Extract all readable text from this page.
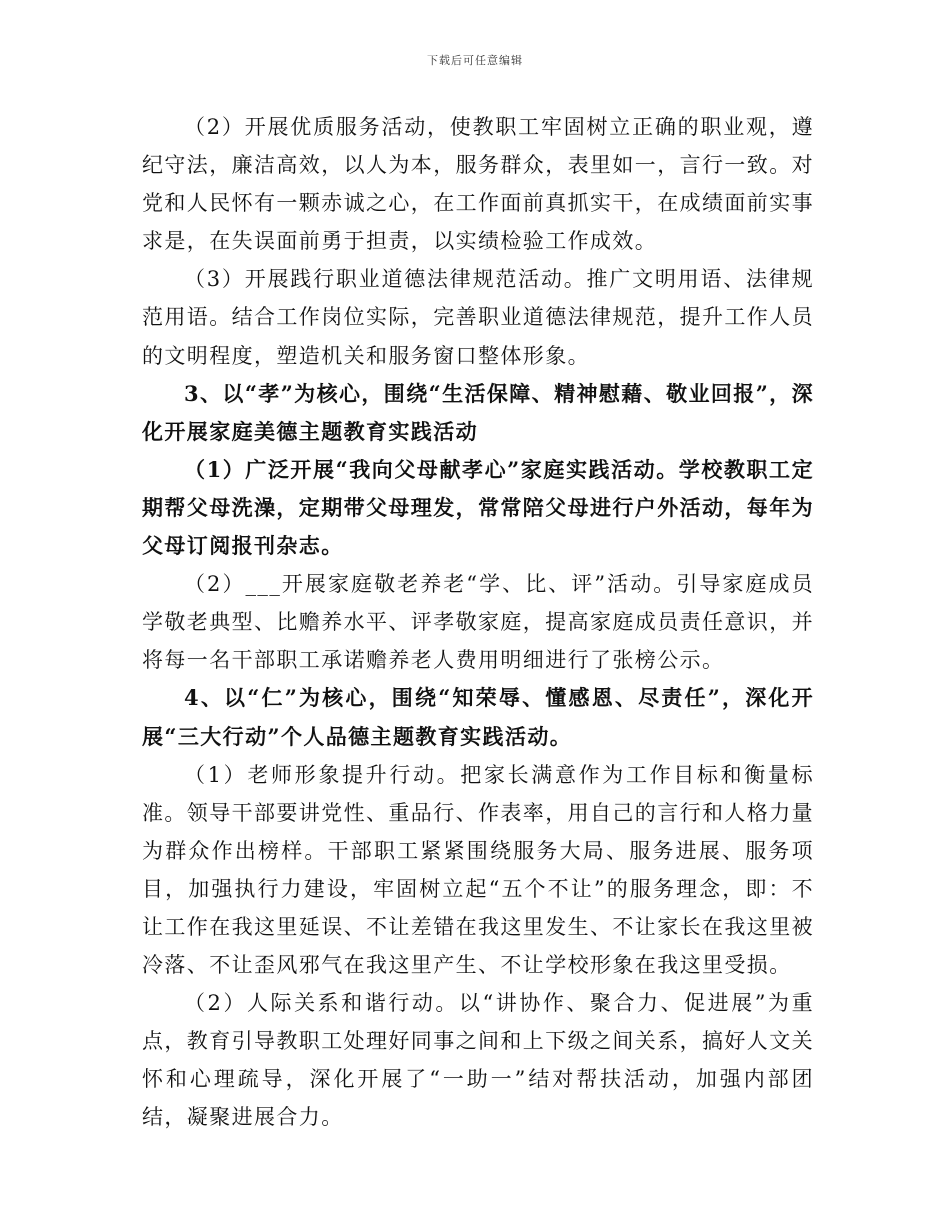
下载后可任意编辑

（2）开展优质服务活动，使教职工牢固树立正确的职业观，遵纪守法，廉洁高效，以人为本，服务群众，表里如一，言行一致。对党和人民怀有一颗赤诚之心，在工作面前真抓实干，在成绩面前实事求是，在失误面前勇于担责，以实绩检验工作成效。

（3）开展践行职业道德法律规范活动。推广文明用语、法律规范用语。结合工作岗位实际，完善职业道德法律规范，提升工作人员的文明程度，塑造机关和服务窗口整体形象。

3、以“孝”为核心，围绕“生活保障、精神慰藉、敬业回报”，深化开展家庭美德主题教育实践活动

（1）广泛开展“我向父母献孝心”家庭实践活动。学校教职工定期帮父母洗澡，定期带父母理发，常常陪父母进行户外活动，每年为父母订阅报刊杂志。

（2）___开展家庭敬老养老“学、比、评”活动。引导家庭成员学敬老典型、比赡养水平、评孝敬家庭，提高家庭成员责任意识，并将每一名干部职工承诺赡养老人费用明细进行了张榜公示。

4、以“仁”为核心，围绕“知荣辱、懂感恩、尽责任”，深化开展“三大行动”个人品德主题教育实践活动。

（1）老师形象提升行动。把家长满意作为工作目标和衡量标准。领导干部要讲党性、重品行、作表率，用自己的言行和人格力量为群众作出榜样。干部职工紧紧围绕服务大局、服务进展、服务项目，加强执行力建设，牢固树立起“五个不让”的服务理念，即：不让工作在我这里延误、不让差错在我这里发生、不让家长在我这里被冷落、不让歪风邪气在我这里产生、不让学校形象在我这里受损。

（2）人际关系和谐行动。以“讲协作、聚合力、促进展”为重点，教育引导教职工处理好同事之间和上下级之间关系，搞好人文关怀和心理疏导，深化开展了“一助一”结对帮扶活动，加强内部团结，凝聚进展合力。
